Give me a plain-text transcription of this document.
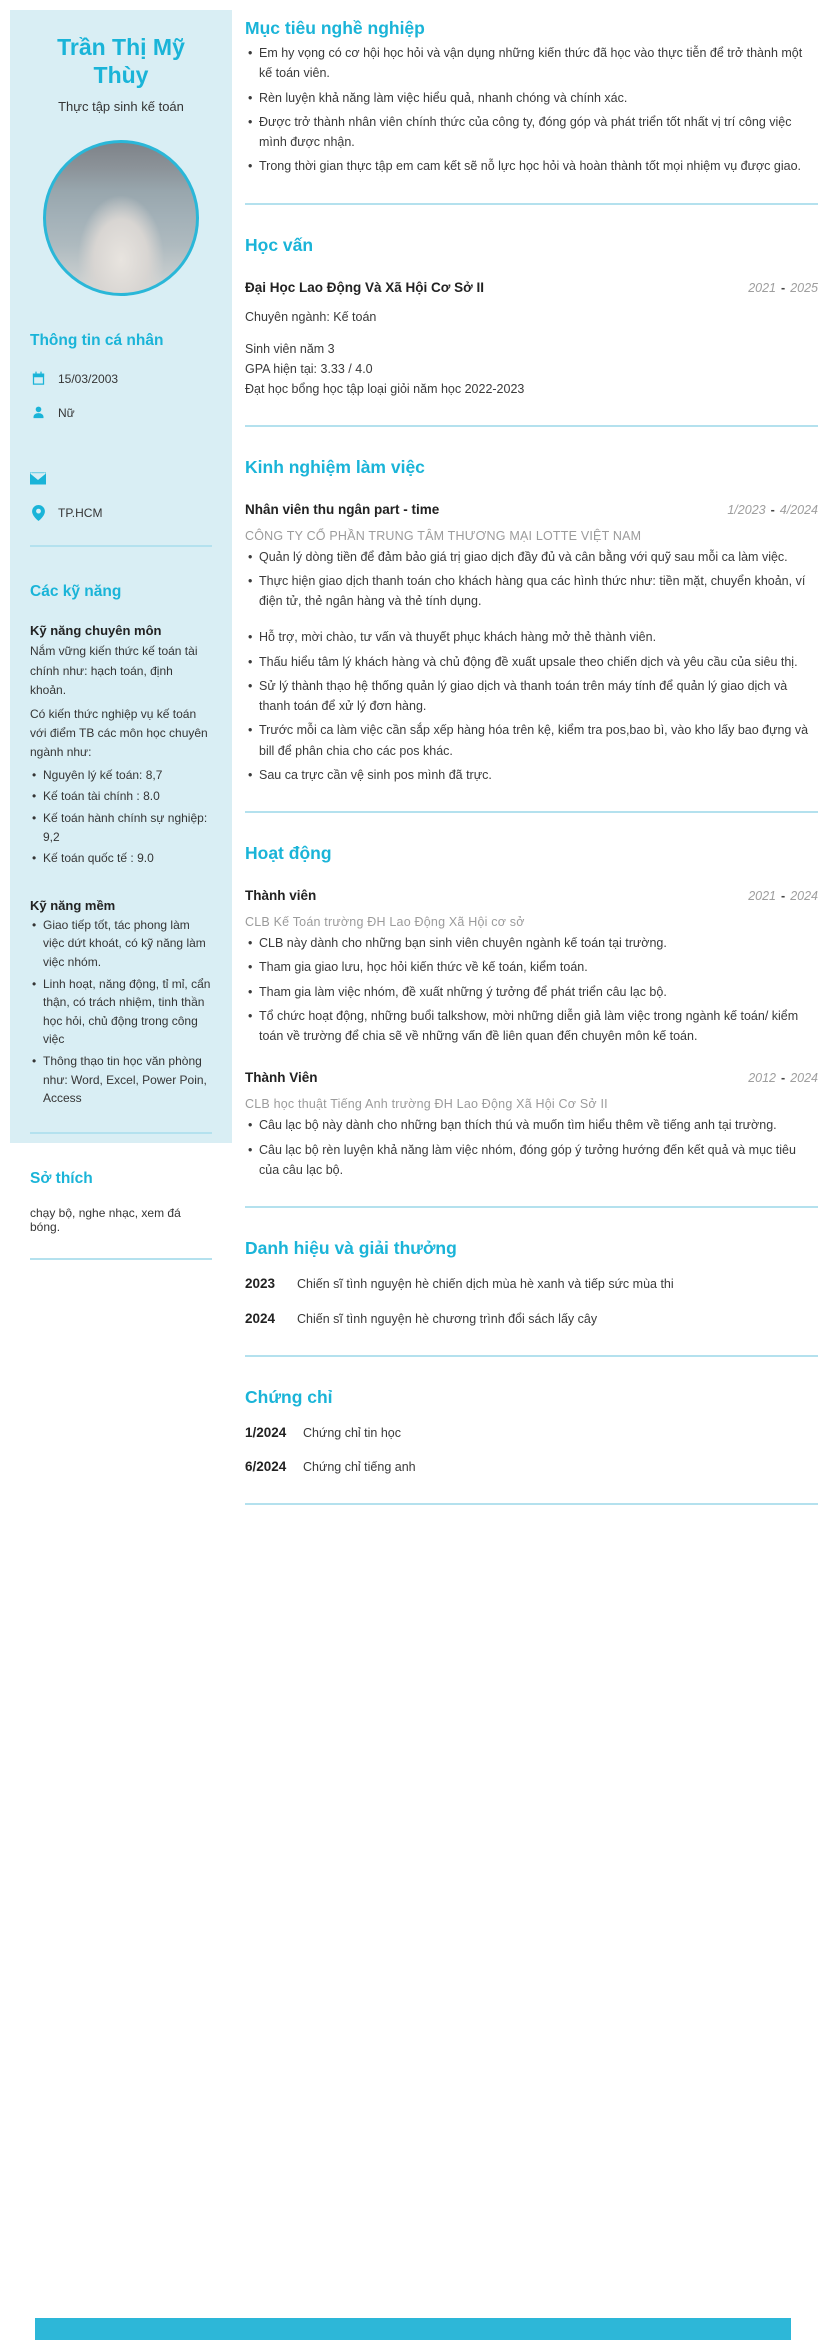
Trần Thị Mỹ Thùy
Thực tập sinh kế toán
Thông tin cá nhân
15/03/2003
Nữ
TP.HCM
Các kỹ năng
Kỹ năng chuyên môn
Nắm vững kiến thức kế toán tài chính như: hạch toán, định khoản.
Có kiến thức nghiệp vụ kế toán với điểm TB các môn học chuyên ngành như:
• Nguyên lý kế toán: 8,7
• Kế toán tài chính : 8.0
• Kế toán hành chính sự nghiệp: 9,2
• Kế toán quốc tế : 9.0
Kỹ năng mềm
• Giao tiếp tốt, tác phong làm việc dứt khoát, có kỹ năng làm việc nhóm.
• Linh hoạt, năng động, tỉ mỉ, cẩn thận, có trách nhiệm, tinh thần học hỏi, chủ động trong công việc
• Thông thạo tin học văn phòng như: Word, Excel, Power Poin, Access
Sở thích
chạy bộ, nghe nhạc, xem đá bóng.
Mục tiêu nghề nghiệp
• Em hy vọng có cơ hội học hỏi và vận dụng những kiến thức đã học vào thực tiễn để trở thành một kế toán viên.
• Rèn luyện khả năng làm việc hiểu quả, nhanh chóng và chính xác.
• Được trở thành nhân viên chính thức của công ty, đóng góp và phát triển tốt nhất vị trí công việc mình được nhận.
• Trong thời gian thực tập em cam kết sẽ nỗ lực học hỏi và hoàn thành tốt mọi nhiệm vụ được giao.
Học vấn
Đại Học Lao Động Và Xã Hội Cơ Sở II	2021 - 2025
Chuyên ngành: Kế toán
Sinh viên năm 3
GPA hiện tại: 3.33 / 4.0
Đạt học bổng học tập loại giỏi năm học 2022-2023
Kinh nghiệm làm việc
Nhân viên thu ngân part - time	1/2023 - 4/2024
CÔNG TY CỔ PHẦN TRUNG TÂM THƯƠNG MẠI LOTTE VIỆT NAM
• Quản lý dòng tiền để đảm bảo giá trị giao dịch đầy đủ và cân bằng với quỹ sau mỗi ca làm việc.
• Thực hiện giao dịch thanh toán cho khách hàng qua các hình thức như: tiền mặt, chuyển khoản, ví điện tử, thẻ ngân hàng và thẻ tính dụng.
• Hỗ trợ, mời chào, tư vấn và thuyết phục khách hàng mở thẻ thành viên.
• Thấu hiểu tâm lý khách hàng và chủ động đề xuất upsale theo chiến dịch và yêu cầu của siêu thị.
• Sử lý thành thạo hệ thống quản lý giao dịch và thanh toán trên máy tính để quản lý giao dịch và thanh toán để xử lý đơn hàng.
• Trước mỗi ca làm việc cần sắp xếp hàng hóa trên kệ, kiểm tra pos,bao bì, vào kho lấy bao đựng và bill để phân chia cho các pos khác.
• Sau ca trực cần vệ sinh pos mình đã trực.
Hoạt động
Thành viên	2021 - 2024
CLB Kế Toán trường ĐH Lao Động Xã Hội cơ sở
• CLB này dành cho những bạn sinh viên chuyên ngành kế toán tại trường.
• Tham gia giao lưu, học hỏi kiến thức về kế toán, kiểm toán.
• Tham gia làm việc nhóm, đề xuất những ý tưởng để phát triển câu lạc bộ.
• Tổ chức hoạt động, những buổi talkshow, mời những diễn giả làm việc trong ngành kế toán/ kiểm toán về trường để chia sẽ về những vấn đề liên quan đến chuyên môn kế toán.
Thành Viên	2012 - 2024
CLB học thuật Tiếng Anh trường ĐH Lao Động Xã Hội Cơ Sở II
• Câu lạc bộ này dành cho những bạn thích thú và muốn tìm hiểu thêm về tiếng anh tại trường.
• Câu lạc bộ rèn luyện khả năng làm việc nhóm, đóng góp ý tưởng hướng đến kết quả và mục tiêu của câu lạc bộ.
Danh hiệu và giải thưởng
2023	Chiến sĩ tình nguyện hè chiến dịch mùa hè xanh và tiếp sức mùa thi
2024	Chiến sĩ tình nguyện hè chương trình đổi sách lấy cây
Chứng chỉ
1/2024	Chứng chỉ tin học
6/2024	Chứng chỉ tiếng anh
